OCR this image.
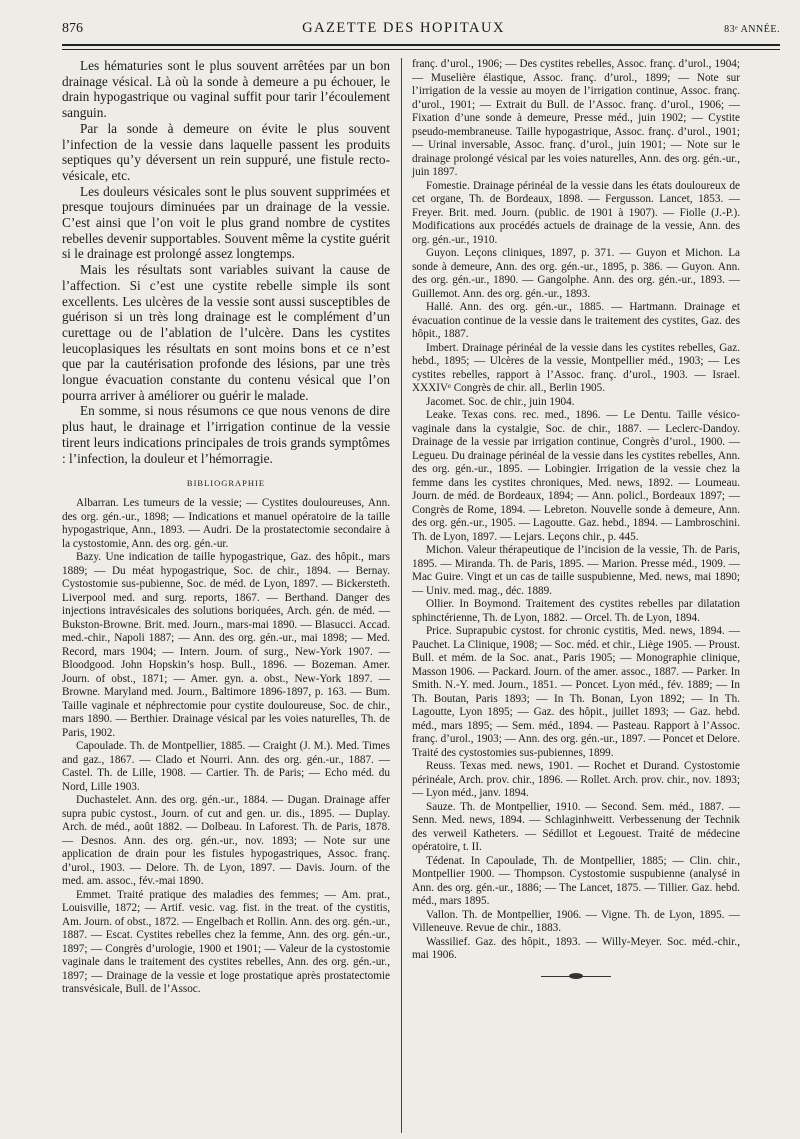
876	GAZETTE DES HOPITAUX	83ᵉ ANNÉE.

Les hématuries sont le plus souvent arrêtées par un bon drainage vésical. Là où la sonde à demeure a pu échouer, le drain hypogastrique ou vaginal suffit pour tarir l’écoulement sanguin.

Par la sonde à demeure on évite le plus souvent l’infection de la vessie dans laquelle passent les produits septiques qu’y déversent un rein suppuré, une fistule recto-vésicale, etc.

Les douleurs vésicales sont le plus souvent supprimées et presque toujours diminuées par un drainage de la vessie. C’est ainsi que l’on voit le plus grand nombre de cystites rebelles devenir supportables. Souvent même la cystite guérit si le drainage est prolongé assez longtemps.

Mais les résultats sont variables suivant la cause de l’affection. Si c’est une cystite rebelle simple ils sont excellents. Les ulcères de la vessie sont aussi susceptibles de guérison si un très long drainage est le complément d’un curettage ou de l’ablation de l’ulcère. Dans les cystites leucoplasiques les résultats en sont moins bons et ce n’est que par la cautérisation profonde des lésions, par une très longue évacuation constante du contenu vésical que l’on pourra arriver à améliorer ou guérir le malade.

En somme, si nous résumons ce que nous venons de dire plus haut, le drainage et l’irrigation continue de la vessie tirent leurs indications principales de trois grands symptômes : l’infection, la douleur et l’hémorragie.

BIBLIOGRAPHIE

Albarran. Les tumeurs de la vessie; — Cystites douloureuses, Ann. des org. gén.-ur., 1898; — Indications et manuel opératoire de la taille hypogastrique, Ann., 1893. — Audri. De la prostatectomie secondaire à la cystostomie, Ann. des org. gén.-ur.

Bazy. Une indication de taille hypogastrique, Gaz. des hôpit., mars 1889; — Du méat hypogastrique, Soc. de chir., 1894. — Bernay. Cystostomie sus-pubienne, Soc. de méd. de Lyon, 1897. — Bickersteth. Liverpool med. and surg. reports, 1867. — Berthand. Danger des injections intravésicales des solutions boriquées, Arch. gén. de méd. — Bukston-Browne. Brit. med. Journ., mars-mai 1890. — Blasucci. Accad. med.-chir., Napoli 1887; — Ann. des org. gén.-ur., mai 1898; — Med. Record, mars 1904; — Intern. Journ. of surg., New-York 1907. — Bloodgood. John Hopskin’s hosp. Bull., 1896. — Bozeman. Amer. Journ. of obst., 1871; — Amer. gyn. a. obst., New-York 1897. — Browne. Maryland med. Journ., Baltimore 1896-1897, p. 163. — Bum. Taille vaginale et néphrectomie pour cystite douloureuse, Soc. de chir., mars 1890. — Berthier. Drainage vésical par les voies naturelles, Th. de Paris, 1902.

Capoulade. Th. de Montpellier, 1885. — Craight (J. M.). Med. Times and gaz., 1867. — Clado et Nourri. Ann. des org. gén.-ur., 1887. — Castel. Th. de Lille, 1908. — Cartier. Th. de Paris; — Echo méd. du Nord, Lille 1903.

Duchastelet. Ann. des org. gén.-ur., 1884. — Dugan. Drainage affer supra pubic cystost., Journ. of cut and gen. ur. dis., 1895. — Duplay. Arch. de méd., août 1882. — Dolbeau. In Laforest. Th. de Paris, 1878. — Desnos. Ann. des org. gén.-ur., nov. 1893; — Note sur une application de drain pour les fistules hypogastriques, Assoc. franç. d’urol., 1903. — Delore. Th. de Lyon, 1897. — Davis. Journ. of the med. am. assoc., fév.-mai 1890.

Emmet. Traité pratique des maladies des femmes; — Am. prat., Louisville, 1872; — Artif. vesic. vag. fist. in the treat. of the cystitis, Am. Journ. of obst., 1872. — Engelbach et Rollin. Ann. des org. gén.-ur., 1887. — Escat. Cystites rebelles chez la femme, Ann. des org. gén.-ur., 1897; — Congrès d’urologie, 1900 et 1901; — Valeur de la cystostomie vaginale dans le traitement des cystites rebelles, Ann. des org. gén.-ur., 1897; — Drainage de la vessie et loge prostatique après prostatectomie transvésicale, Bull. de l’Assoc.

franç. d’urol., 1906; — Des cystites rebelles, Assoc. franç. d’urol., 1904; — Muselière élastique, Assoc. franç. d’urol., 1899; — Note sur l’irrigation de la vessie au moyen de l’irrigation continue, Assoc. franç. d’urol., 1901; — Extrait du Bull. de l’Assoc. franç. d’urol., 1906; — Fixation d’une sonde à demeure, Presse méd., juin 1902; — Cystite pseudo-membraneuse. Taille hypogastrique, Assoc. franç. d’urol., 1901; — Urinal inversable, Assoc. franç. d’urol., juin 1901; — Note sur le drainage prolongé vésical par les voies naturelles, Ann. des org. gén.-ur., juin 1897.

Fomestie. Drainage périnéal de la vessie dans les états douloureux de cet organe, Th. de Bordeaux, 1898. — Fergusson. Lancet, 1853. — Freyer. Brit. med. Journ. (public. de 1901 à 1907). — Fiolle (J.-P.). Modifications aux procédés actuels de drainage de la vessie, Ann. des org. gén.-ur., 1910.

Guyon. Leçons cliniques, 1897, p. 371. — Guyon et Michon. La sonde à demeure, Ann. des org. gén.-ur., 1895, p. 386. — Guyon. Ann. des org. gén.-ur., 1890. — Gangolphe. Ann. des org. gén.-ur., 1893. — Guillemot. Ann. des org. gén.-ur., 1893.

Hallé. Ann. des org. gén.-ur., 1885. — Hartmann. Drainage et évacuation continue de la vessie dans le traitement des cystites, Gaz. des hôpit., 1887.

Imbert. Drainage périnéal de la vessie dans les cystites rebelles, Gaz. hebd., 1895; — Ulcères de la vessie, Montpellier méd., 1903; — Les cystites rebelles, rapport à l’Assoc. franç. d’urol., 1903. — Israel. XXXIVᵉ Congrès de chir. all., Berlin 1905.

Jacomet. Soc. de chir., juin 1904.

Leake. Texas cons. rec. med., 1896. — Le Dentu. Taille vésico-vaginale dans la cystalgie, Soc. de chir., 1887. — Leclerc-Dandoy. Drainage de la vessie par irrigation continue, Congrès d’urol., 1900. — Legueu. Du drainage périnéal de la vessie dans les cystites rebelles, Ann. des org. gén.-ur., 1895. — Lobingier. Irrigation de la vessie chez la femme dans les cystites chroniques, Med. news, 1892. — Loumeau. Journ. de méd. de Bordeaux, 1894; — Ann. policl., Bordeaux 1897; — Congrès de Rome, 1894. — Lebreton. Nouvelle sonde à demeure, Ann. des org. gén.-ur., 1905. — Lagoutte. Gaz. hebd., 1894. — Lambroschini. Th. de Lyon, 1897. — Lejars. Leçons chir., p. 445.

Michon. Valeur thérapeutique de l’incision de la vessie, Th. de Paris, 1895. — Miranda. Th. de Paris, 1895. — Marion. Presse méd., 1909. — Mac Guire. Vingt et un cas de taille suspubienne, Med. news, mai 1890; — Univ. med. mag., déc. 1889.

Ollier. In Boymond. Traitement des cystites rebelles par dilatation sphinctérienne, Th. de Lyon, 1882. — Orcel. Th. de Lyon, 1894.

Price. Suprapubic cystost. for chronic cystitis, Med. news, 1894. — Pauchet. La Clinique, 1908; — Soc. méd. et chir., Liège 1905. — Proust. Bull. et mém. de la Soc. anat., Paris 1905; — Monographie clinique, Masson 1906. — Packard. Journ. of the amer. assoc., 1887. — Parker. In Smith. N.-Y. med. Journ., 1851. — Poncet. Lyon méd., fév. 1889; — In Th. Boutan, Paris 1893; — In Th. Bonan, Lyon 1892; — In Th. Lagoutte, Lyon 1895; — Gaz. des hôpit., juillet 1893; — Gaz. hebd. méd., mars 1895; — Sem. méd., 1894. — Pasteau. Rapport à l’Assoc. franç. d’urol., 1903; — Ann. des org. gén.-ur., 1897. — Poncet et Delore. Traité des cystostomies sus-pubiennes, 1899.

Reuss. Texas med. news, 1901. — Rochet et Durand. Cystostomie périnéale, Arch. prov. chir., 1896. — Rollet. Arch. prov. chir., nov. 1893; — Lyon méd., janv. 1894.

Sauze. Th. de Montpellier, 1910. — Second. Sem. méd., 1887. — Senn. Med. news, 1894. — Schlaginhweitt. Verbessenung der Technik des verweil Katheters. — Sédillot et Legouest. Traité de médecine opératoire, t. II.

Tédenat. In Capoulade, Th. de Montpellier, 1885; — Clin. chir., Montpellier 1900. — Thompson. Cystostomie suspubienne (analysé in Ann. des org. gén.-ur., 1886; — The Lancet, 1875. — Tillier. Gaz. hebd. méd., mars 1895.

Vallon. Th. de Montpellier, 1906. — Vigne. Th. de Lyon, 1895. — Villeneuve. Revue de chir., 1883.

Wassilief. Gaz. des hôpit., 1893. — Willy-Meyer. Soc. méd.-chir., mai 1906.
